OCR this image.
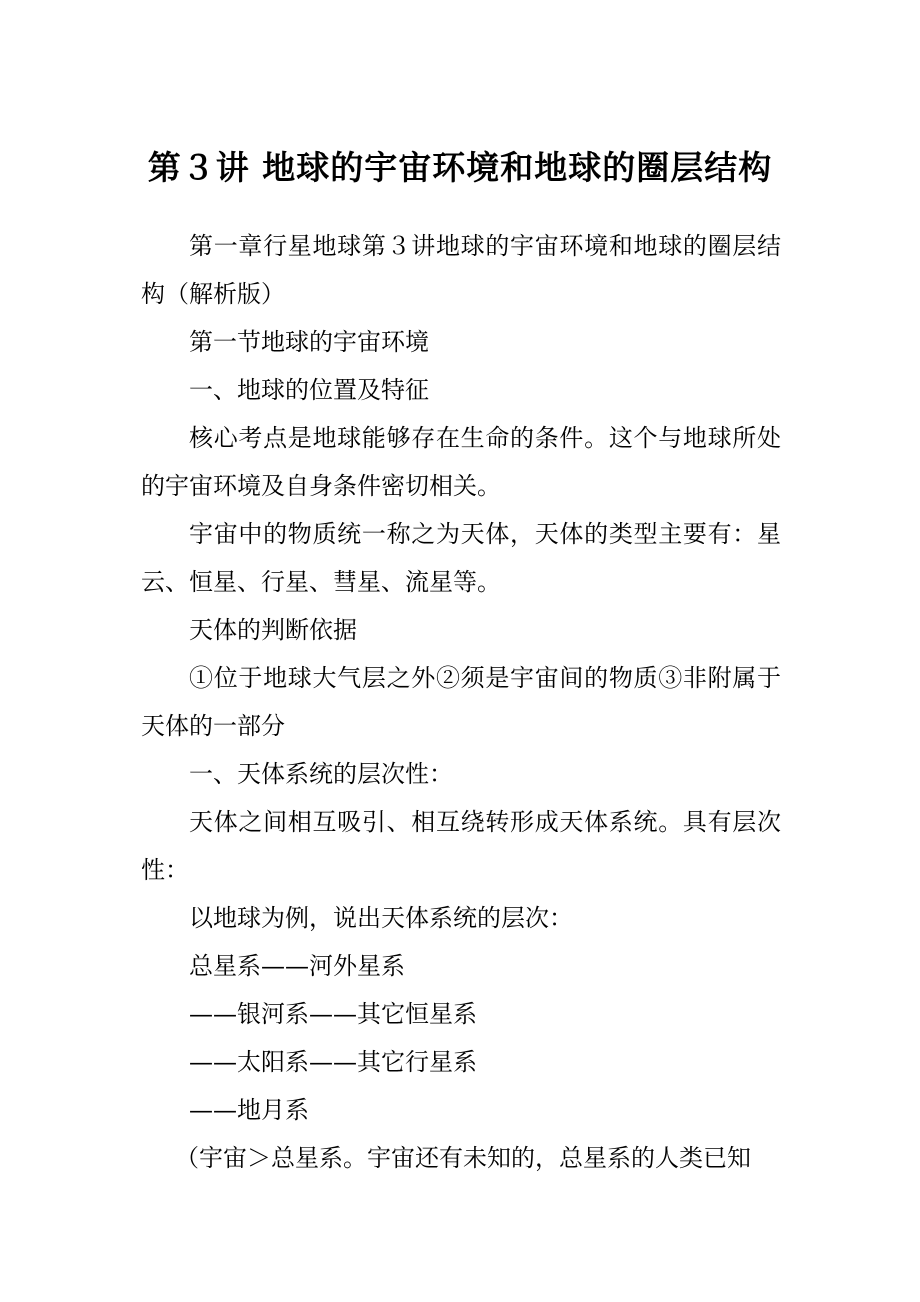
第３讲 地球的宇宙环境和地球的圈层结构

第一章行星地球第３讲地球的宇宙环境和地球的圈层结构（解析版）

第一节地球的宇宙环境

一、地球的位置及特征

核心考点是地球能够存在生命的条件。这个与地球所处的宇宙环境及自身条件密切相关。

宇宙中的物质统一称之为天体，天体的类型主要有：星云、恒星、行星、彗星、流星等。

天体的判断依据

①位于地球大气层之外②须是宇宙间的物质③非附属于天体的一部分

一、天体系统的层次性：

天体之间相互吸引、相互绕转形成天体系统。具有层次性：

以地球为例，说出天体系统的层次：

总星系——河外星系

——银河系——其它恒星系

——太阳系——其它行星系

——地月系

（宇宙＞总星系。宇宙还有未知的，总星系的人类已知
